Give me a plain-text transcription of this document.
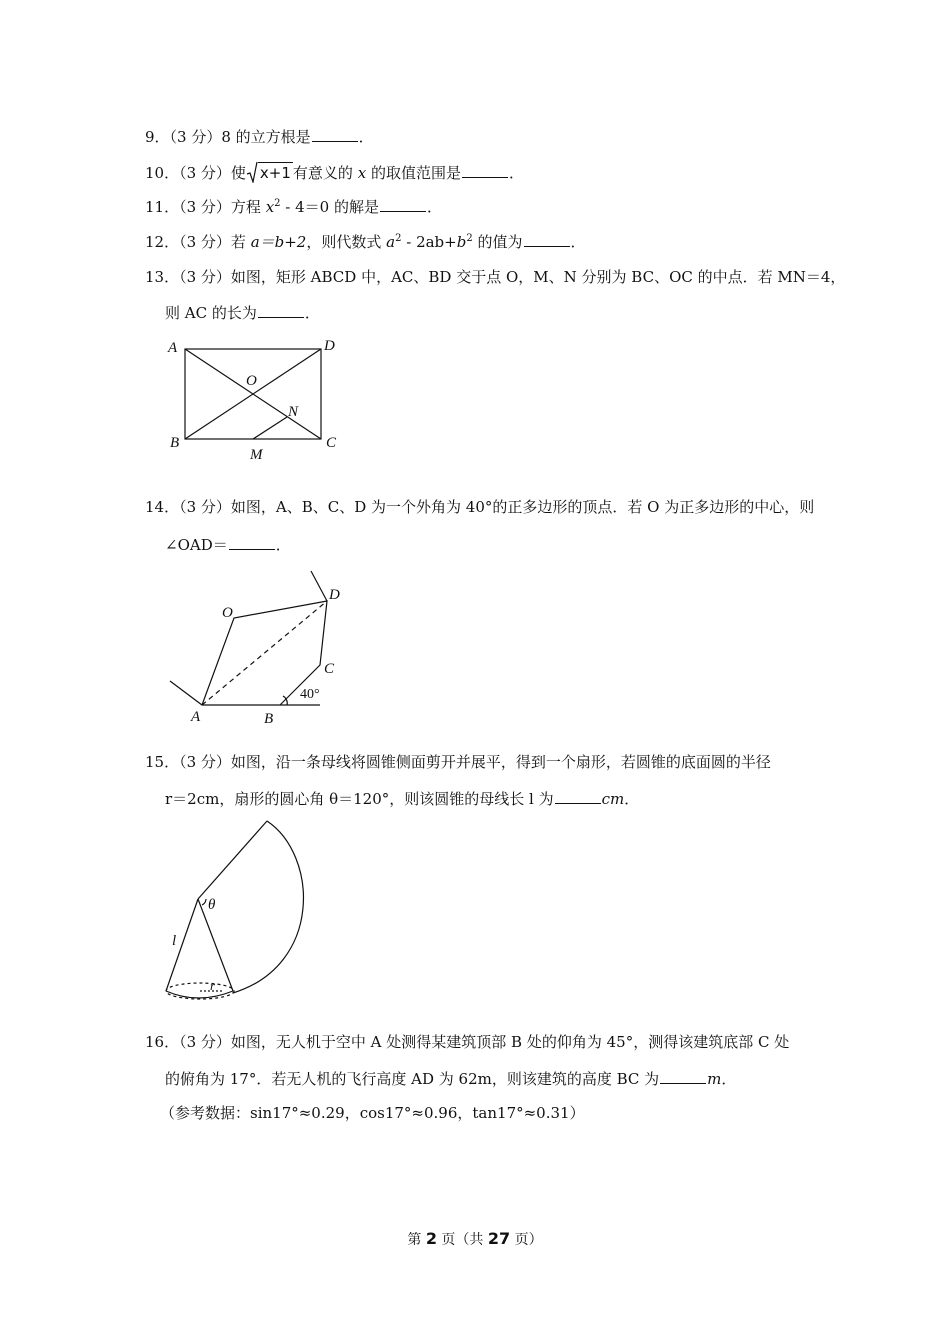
9．（3 分）8 的立方根是	．
10．（3 分）使 x+1 有意义的 x 的取值范围是	．
11．（3 分）方程 $x^2 - 4=0$ 的解是	．
12．（3 分）若 a＝b+2，则代数式 $a^2 - 2ab+b^2$ 的值为	．
13．（3 分）如图，矩形 ABCD 中，AC、BD 交于点 O，M、N 分别为 BC、OC 的中点．若 MN＝4，
则 AC 的长为	．
A	D
B	C
O
N
M
14．（3 分）如图，A、B、C、D 为一个外角为 40°的正多边形的顶点．若 O 为正多边形的中心，则
∠OAD＝	．
A	B
C
D
O
40°
15．（3 分）如图，沿一条母线将圆锥侧面剪开并展平，得到一个扇形，若圆锥的底面圆的半径
r＝2cm，扇形的圆心角 θ＝120°，则该圆锥的母线长 l 为	cm．
θ
l
r
16．（3 分）如图，无人机于空中 A 处测得某建筑顶部 B 处的仰角为 45°，测得该建筑底部 C 处
的俯角为 17°．若无人机的飞行高度 AD 为 62m，则该建筑的高度 BC 为	m．
（参考数据：sin17°≈0.29，cos17°≈0.96，tan17°≈0.31）
第 2 页（共 27 页）
